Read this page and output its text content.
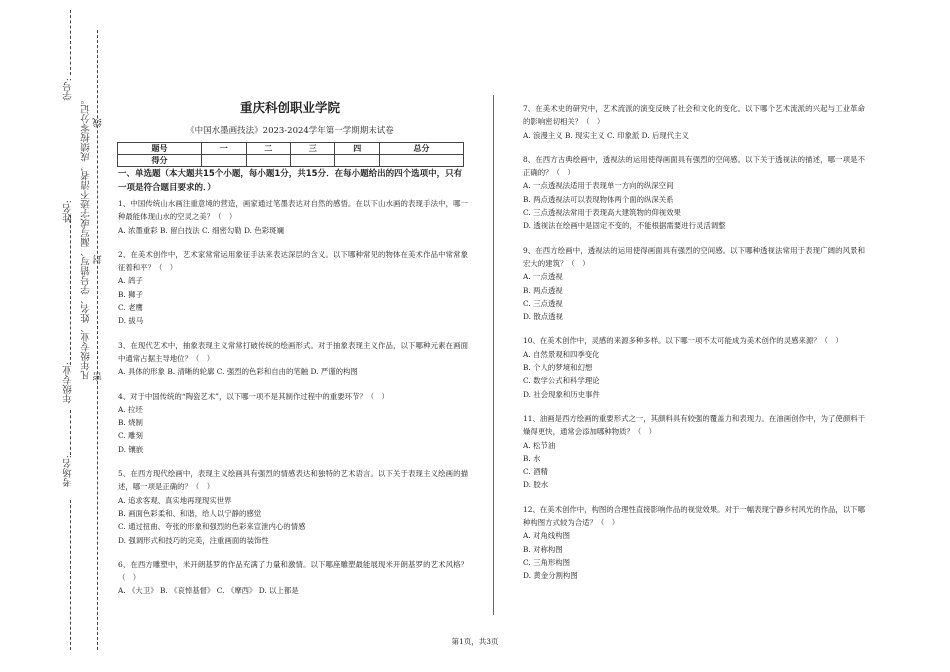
学号:
姓名:
年级专业:
考场名:
凡年级专业、姓名、学号错写、漏写或字迹不清者，成绩按零分记。 线
封
密
重庆科创职业学院
《中国水墨画技法》2023-2024学年第一学期期末试卷
题号	一	二	三	四	总分
得分					
一、单选题（本大题共15个小题，每小题1分，共15分．在每小题给出的四个选项中，只有一项是符合题目要求的．）
1、中国传统山水画注重意境的营造，画家通过笔墨表达对自然的感悟。在以下山水画的表现手法中，哪一种最能体现山水的空灵之美？（　）
A. 浓墨重彩 B. 留白技法 C. 细密勾勒 D. 色彩斑斓
2、在美术创作中，艺术家常常运用象征手法来表达深层的含义。以下哪种常见的物体在美术作品中常常象征着和平？（　）
A. 鸽子
B. 狮子
C. 老鹰
D. 拔马
3、在现代艺术中，抽象表现主义常常打破传统的绘画形式。对于抽象表现主义作品，以下哪种元素在画面中通常占据主导地位？（　）
A. 具体的形象 B. 清晰的轮廓 C. 强烈的色彩和自由的笔触 D. 严谨的构图
4、对于中国传统的“陶瓷艺术”，以下哪一项不是其制作过程中的重要环节？（　）
A. 拉坯
B. 烧制
C. 雕刻
D. 镶嵌
5、在西方现代绘画中，表现主义绘画具有强烈的情感表达和独特的艺术语言。以下关于表现主义绘画的描述，哪一项是正确的？（　）
A. 追求客观、真实地再现现实世界
B. 画面色彩柔和、和谐，给人以宁静的感觉
C. 通过扭曲、夸张的形象和强烈的色彩来宣泄内心的情感
D. 强调形式和技巧的完美，注重画面的装饰性
6、在西方雕塑中，米开朗基罗的作品充满了力量和激情。以下哪座雕塑最能展现米开朗基罗的艺术风格？（　）
A. 《大卫》 B. 《哀悼基督》 C. 《摩西》 D. 以上都是
7、在美术史的研究中，艺术流派的演变反映了社会和文化的变化。以下哪个艺术流派的兴起与工业革命的影响密切相关？（　）
A. 浪漫主义 B. 现实主义 C. 印象派 D. 后现代主义
8、在西方古典绘画中，透视法的运用使得画面具有强烈的空间感。以下关于透视法的描述，哪一项是不正确的？（　）
A. 一点透视法适用于表现单一方向的纵深空间
B. 两点透视法可以表现物体两个面的纵深关系
C. 三点透视法常用于表现高大建筑物的仰视效果
D. 透视法在绘画中是固定不变的，不能根据需要进行灵活调整
9、在西方绘画中，透视法的运用使得画面具有强烈的空间感。以下哪种透视法常用于表现广阔的风景和宏大的建筑？（　）
A. 一点透视
B. 两点透视
C. 三点透视
D. 散点透视
10、在美术创作中，灵感的来源多种多样。以下哪一项不太可能成为美术创作的灵感来源？（　）
A. 自然景观和四季变化
B. 个人的梦境和幻想
C. 数学公式和科学理论
D. 社会现象和历史事件
11、油画是西方绘画的重要形式之一，其颜料具有较强的覆盖力和表现力。在油画创作中，为了使颜料干燥得更快，通常会添加哪种物质？（　）
A. 松节油
B. 水
C. 酒精
D. 胶水
12、在美术创作中，构图的合理性直接影响作品的视觉效果。对于一幅表现宁静乡村风光的作品，以下哪种构图方式较为合适？（　）
A. 对角线构图
B. 对称构图
C. 三角形构图
D. 黄金分割构图
第1页，共3页
